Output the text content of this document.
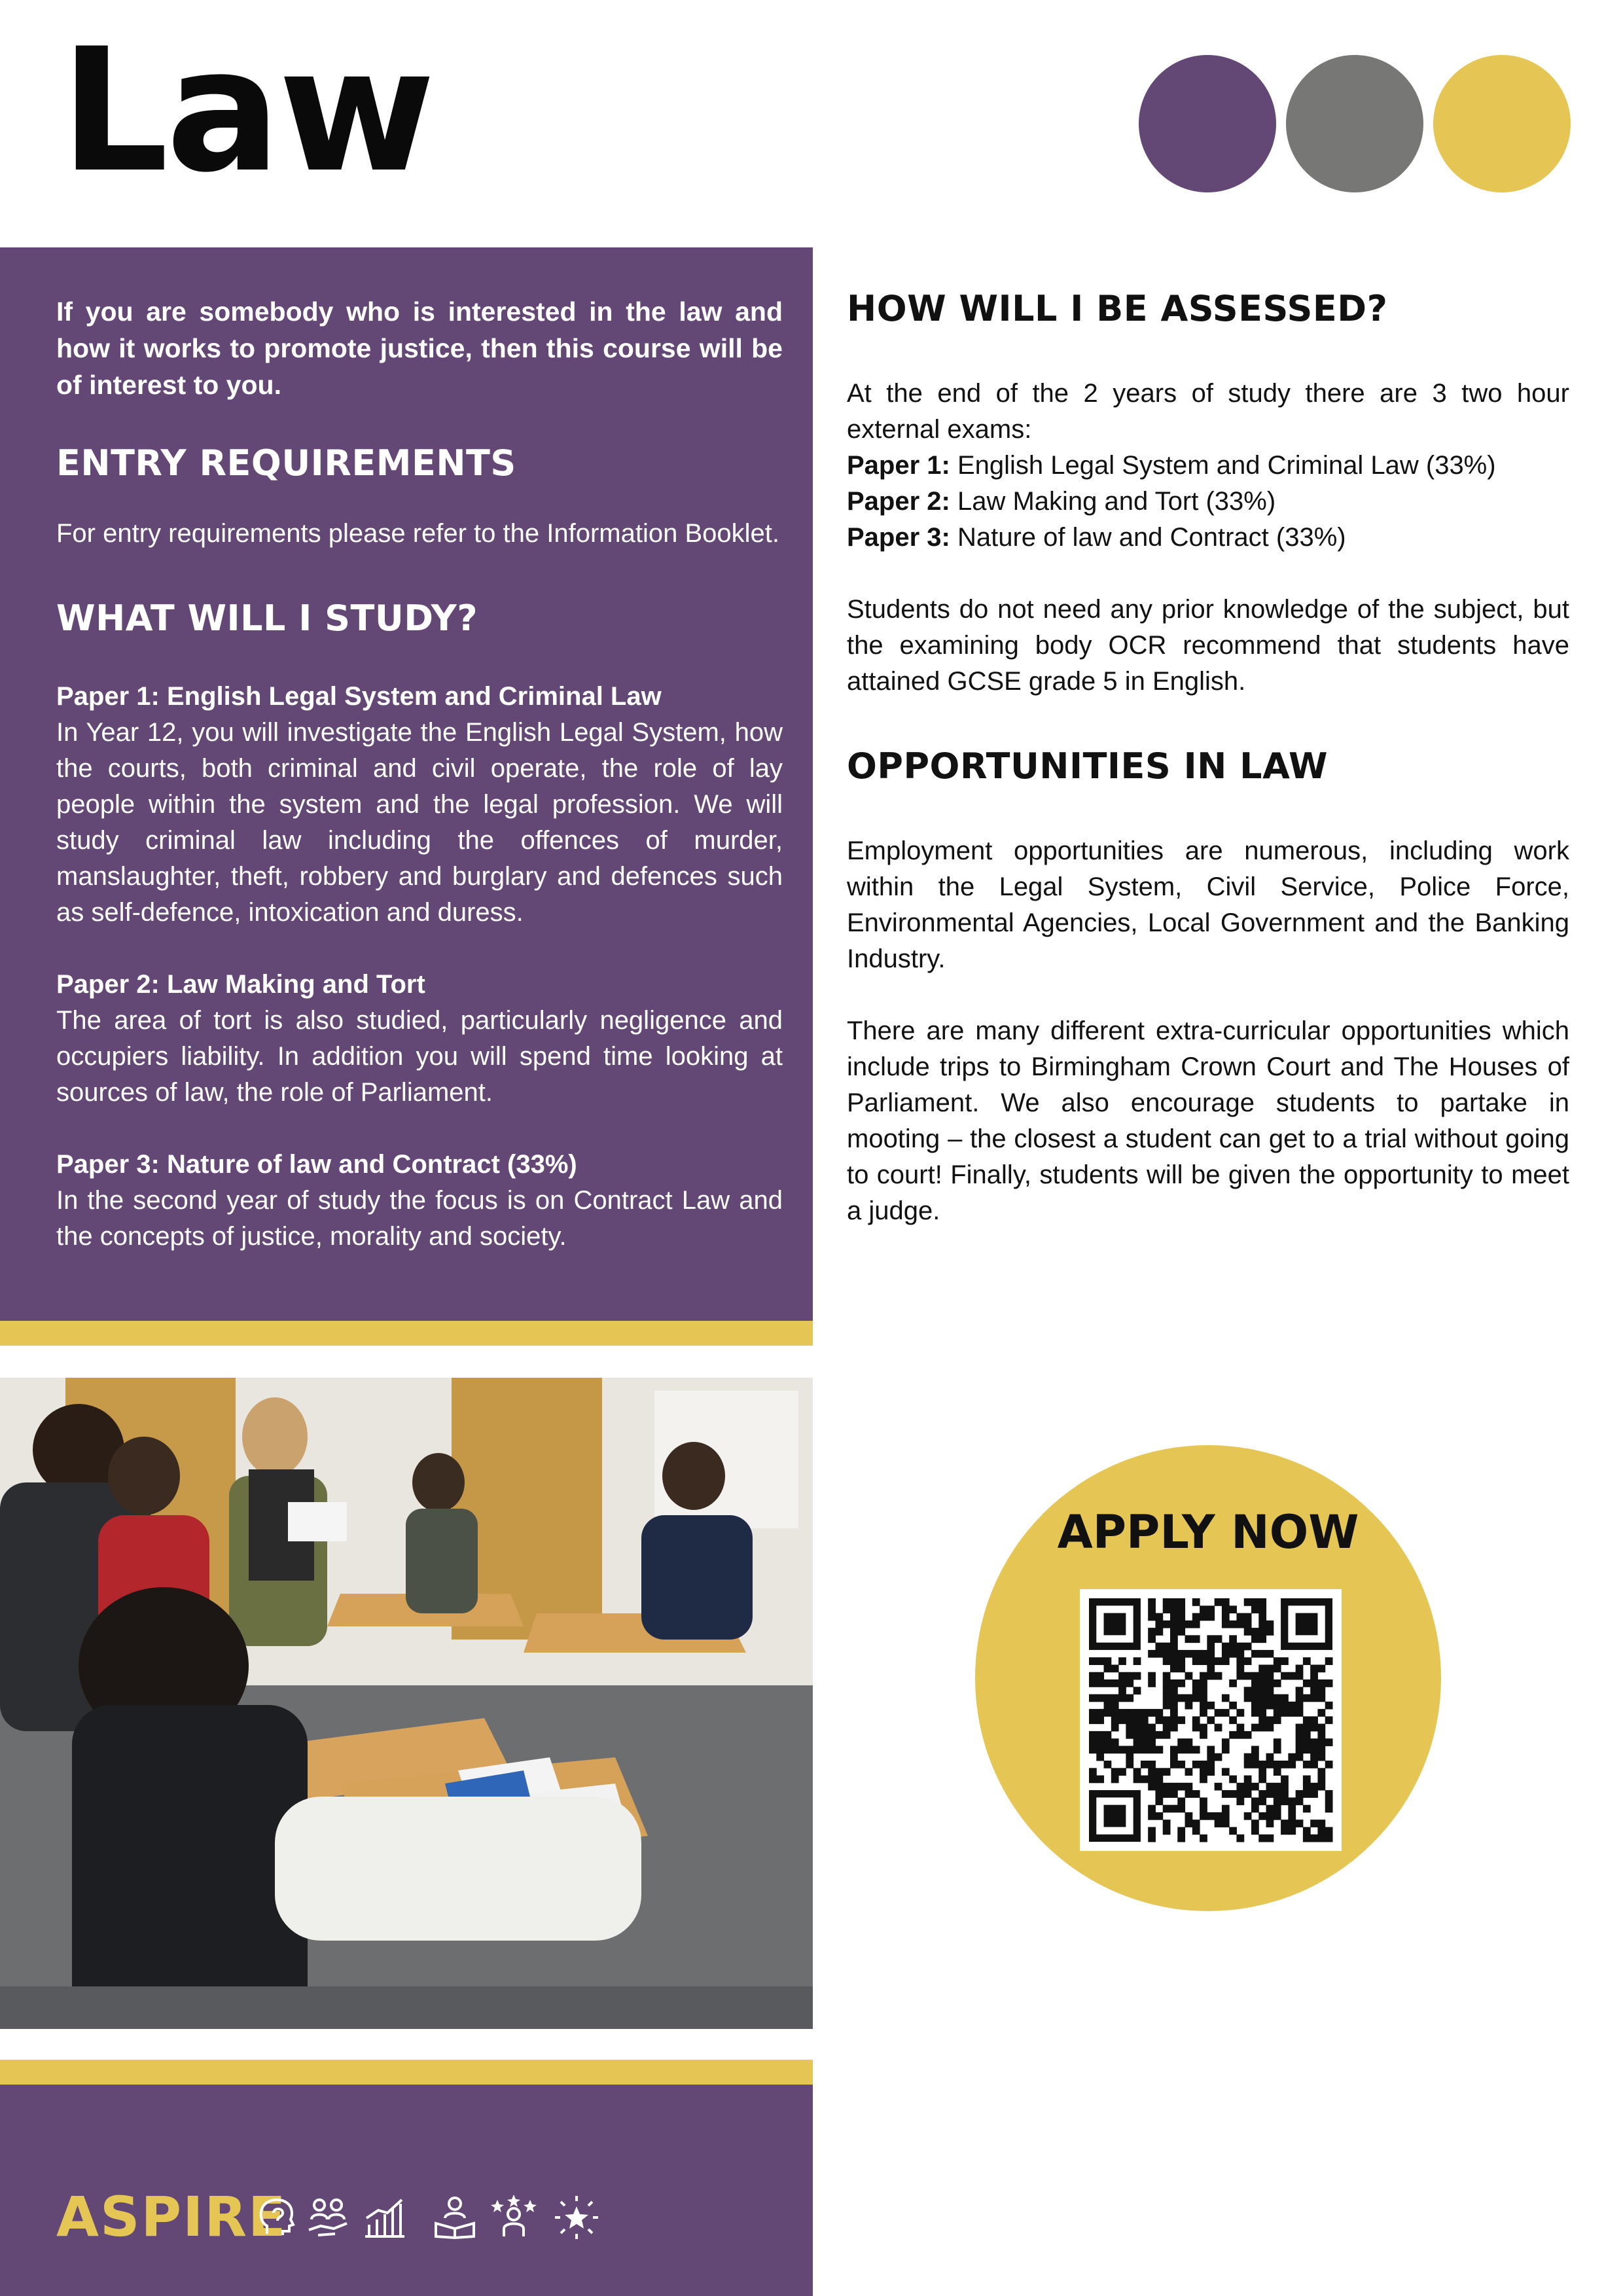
Law

If you are somebody who is interested in the law and how it works to promote justice, then this course will be of interest to you.

ENTRY REQUIREMENTS

For entry requirements please refer to the Information Booklet.

WHAT WILL I STUDY?

Paper 1: English Legal System and Criminal Law

In Year 12, you will investigate the English Legal System, how the courts, both criminal and civil operate, the role of lay people within the system and the legal profession. We will study criminal law including the offences of murder, manslaughter, theft, robbery and burglary and defences such as self-defence, intoxication and duress.

Paper 2: Law Making and Tort

The area of tort is also studied, particularly negligence and occupiers liability. In addition you will spend time looking at sources of law, the role of Parliament.

Paper 3: Nature of law and Contract (33%)

In the second year of study the focus is on Contract Law and the concepts of justice, morality and society.

ASPIRE
HOW WILL I BE ASSESSED?

At the end of the 2 years of study there are 3 two hour external exams:

Paper 1: English Legal System and Criminal Law (33%)

Paper 2: Law Making and Tort (33%)

Paper 3: Nature of law and Contract (33%)

Students do not need any prior knowledge of the subject, but the examining body OCR recommend that students have attained GCSE grade 5 in English.

OPPORTUNITIES IN LAW

Employment opportunities are numerous, including work within the Legal System, Civil Service, Police Force, Environmental Agencies, Local Government and the Banking Industry.

There are many different extra-curricular opportunities which include trips to Birmingham Crown Court and The Houses of Parliament. We also encourage students to partake in mooting – the closest a student can get to a trial without going to court! Finally, students will be given the opportunity to meet a judge.

APPLY NOW
